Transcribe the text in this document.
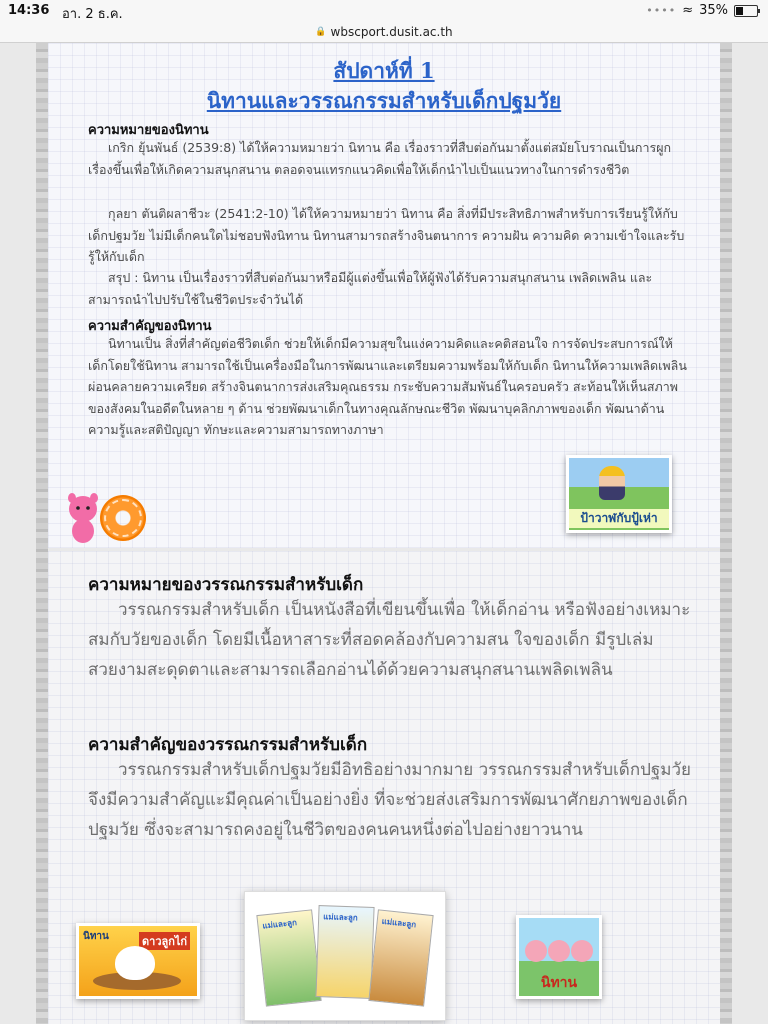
14:36 อา. 2 ธ.ค.	•••• ≈ 35%
🔒 wbscport.dusit.ac.th
สัปดาห์ที่ 1
นิทานและวรรณกรรมสำหรับเด็กปฐมวัย
ความหมายของนิทาน
เกริก ยุ้นพันธ์ (2539:8) ได้ให้ความหมายว่า นิทาน คือ เรื่องราวที่สืบต่อกันมาตั้งแต่สมัยโบราณเป็นการผูกเรื่องขึ้นเพื่อให้เกิดความสนุกสนาน ตลอดจนแทรกแนวคิดเพื่อให้เด็กนำไปเป็นแนวทางในการดำรงชีวิต
กุลยา ตันติผลาชีวะ (2541:2-10) ได้ให้ความหมายว่า นิทาน คือ สิ่งที่มีประสิทธิภาพสำหรับการเรียนรู้ให้กับเด็กปฐมวัย ไม่มีเด็กคนใดไม่ชอบฟังนิทาน นิทานสามารถสร้างจินตนาการ ความฝัน ความคิด ความเข้าใจและรับรู้ให้กับเด็ก
สรุป : นิทาน เป็นเรื่องราวที่สืบต่อกันมาหรือมีผู้แต่งขึ้นเพื่อให้ผู้ฟังได้รับความสนุกสนาน เพลิดเพลิน และสามารถนำไปปรับใช้ในชีวิตประจำวันได้
ความสำคัญของนิทาน
นิทานเป็น สิ่งที่สำคัญต่อชีวิตเด็ก ช่วยให้เด็กมีความสุขในแง่ความคิดและคติสอนใจ การจัดประสบการณ์ให้เด็กโดยใช้นิทาน สามารถใช้เป็นเครื่องมือในการพัฒนาและเตรียมความพร้อมให้กับเด็ก นิทานให้ความเพลิดเพลิน ผ่อนคลายความเครียด สร้างจินตนาการส่งเสริมคุณธรรม กระชับความสัมพันธ์ในครอบครัว สะท้อนให้เห็นสภาพของสังคมในอดีตในหลาย ๆ ด้าน ช่วยพัฒนาเด็กในทางคุณลักษณะชีวิต พัฒนาบุคลิกภาพของเด็ก พัฒนาด้านความรู้และสติปัญญา ทักษะและความสามารถทางภาษา
ป้าวาฬกับปู้เห่า
ความหมายของวรรณกรรมสำหรับเด็ก
วรรณกรรมสำหรับเด็ก เป็นหนังสือที่เขียนขึ้นเพื่อ ให้เด็กอ่าน หรือฟังอย่างเหมาะสมกับวัยของเด็ก โดยมีเนื้อหาสาระที่สอดคล้องกับความสน ใจของเด็ก มีรูปเล่มสวยงามสะดุดตาและสามารถเลือกอ่านได้ด้วยความสนุกสนานเพลิดเพลิน
ความสำคัญของวรรณกรรมสำหรับเด็ก
วรรณกรรมสำหรับเด็กปฐมวัยมีอิทธิอย่างมากมาย วรรณกรรมสำหรับเด็กปฐมวัย จึงมีความสำคัญแะมีคุณค่าเป็นอย่างยิ่ง ที่จะช่วยส่งเสริมการพัฒนาศักยภาพของเด็กปฐมวัย ซึ่งจะสามารถคงอยู่ในชีวิตของคนคนหนึ่งต่อไปอย่างยาวนาน
นิทาน	ดาวลูกไก่
แม่และลูก
แม่และลูก	แม่และลูก
นิทาน
